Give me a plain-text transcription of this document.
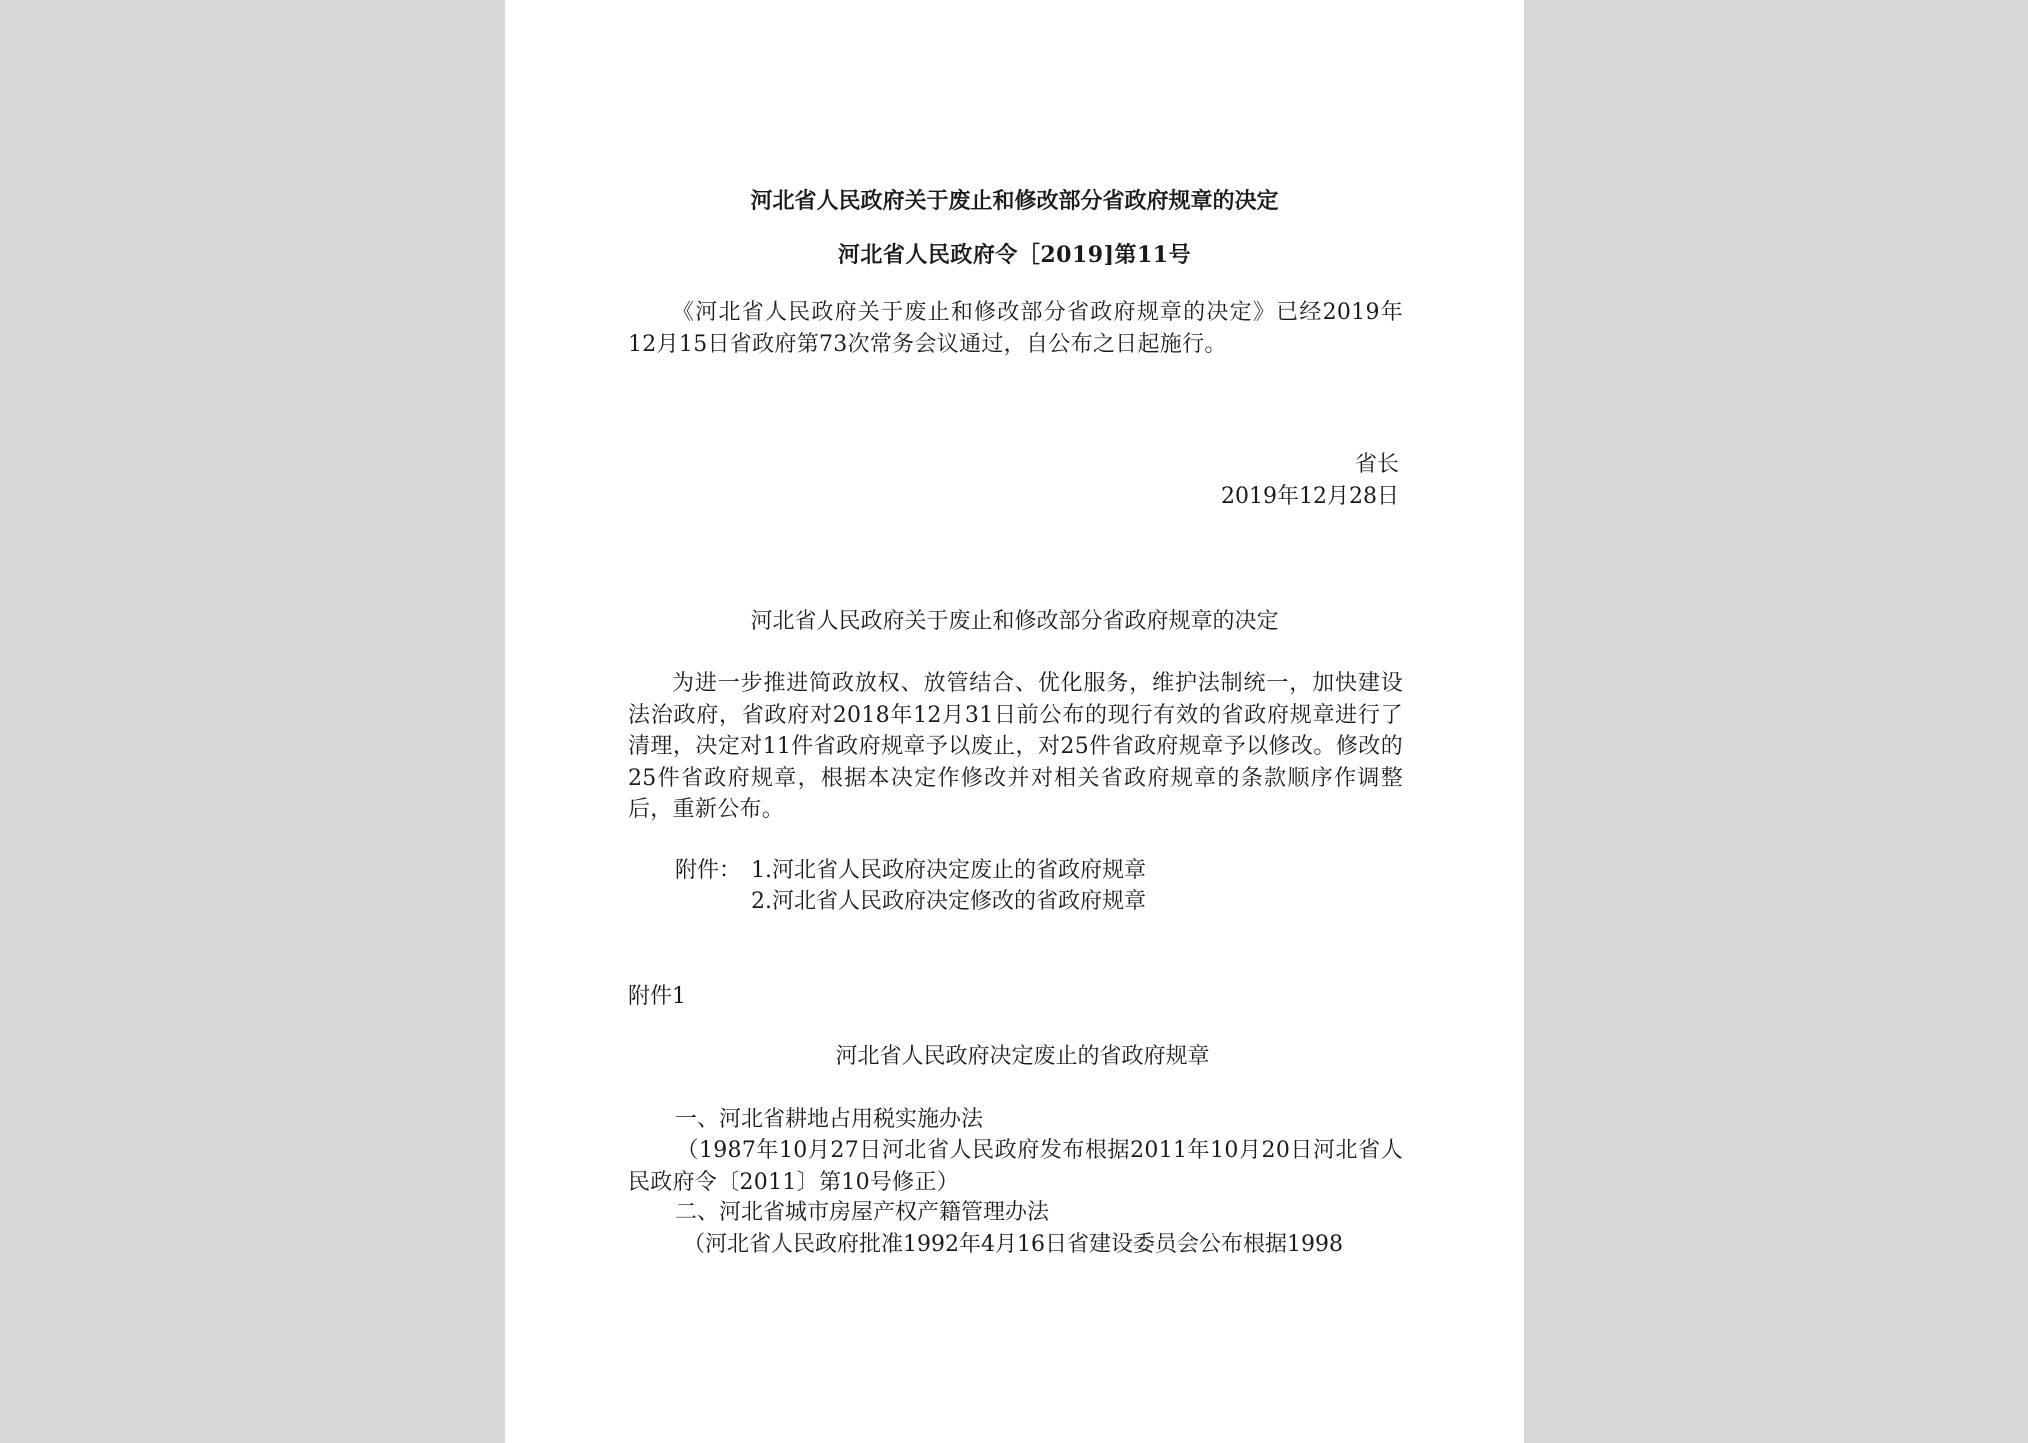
河北省人民政府关于废止和修改部分省政府规章的决定
河北省人民政府令［2019]第11号
《河北省人民政府关于废止和修改部分省政府规章的决定》已经2019年12月15日省政府第73次常务会议通过，自公布之日起施行。
省长
2019年12月28日
河北省人民政府关于废止和修改部分省政府规章的决定
为进一步推进简政放权、放管结合、优化服务，维护法制统一，加快建设法治政府，省政府对2018年12月31日前公布的现行有效的省政府规章进行了清理，决定对11件省政府规章予以废止，对25件省政府规章予以修改。修改的25件省政府规章，根据本决定作修改并对相关省政府规章的条款顺序作调整后，重新公布。
附件： 1.河北省人民政府决定废止的省政府规章
2.河北省人民政府决定修改的省政府规章
附件1
河北省人民政府决定废止的省政府规章
一、河北省耕地占用税实施办法
（1987年10月27日河北省人民政府发布根据2011年10月20日河北省人民政府令〔2011〕第10号修正）
二、河北省城市房屋产权产籍管理办法
（河北省人民政府批准1992年4月16日省建设委员会公布根据1998
